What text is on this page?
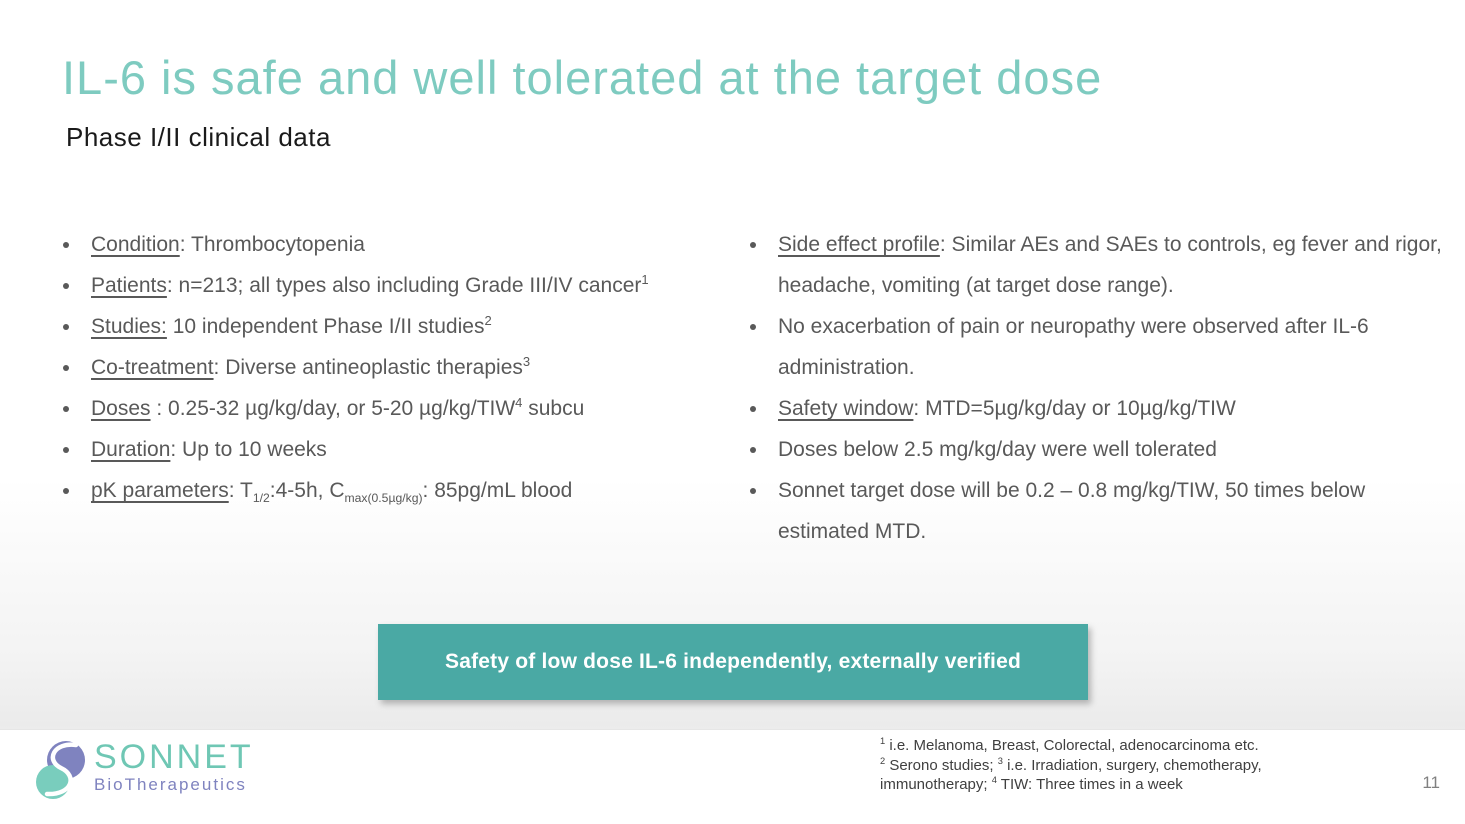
IL-6 is safe and well tolerated at the target dose
Phase I/II clinical data
Condition: Thrombocytopenia
Patients: n=213; all types also including Grade III/IV cancer$^1$
Studies: 10 independent Phase I/II studies$^2$
Co-treatment: Diverse antineoplastic therapies$^3$
Doses : 0.25-32 µg/kg/day, or 5-20 µg/kg/TIW$^4$ subcu
Duration: Up to 10 weeks
pK parameters: $T_{1/2}:4-5h$, $C_{max(0.5\mu g/kg)}$: 85pg/mL blood
Side effect profile: Similar AEs and SAEs to controls, eg fever and rigor, headache, vomiting (at target dose range).
No exacerbation of pain or neuropathy were observed after IL-6 administration.
Safety window: MTD=5µg/kg/day or 10µg/kg/TIW
Doses below 2.5 mg/kg/day were well tolerated
Sonnet target dose will be 0.2 – 0.8 mg/kg/TIW, 50 times below estimated MTD.
Safety of low dose IL-6 independently, externally verified
SONNET
BioTherapeutics
$^1$ i.e. Melanoma, Breast, Colorectal, adenocarcinoma etc.
$^2$ Serono studies; $^3$ i.e. Irradiation, surgery, chemotherapy,
immunotherapy; $^4$ TIW: Three times in a week	11
